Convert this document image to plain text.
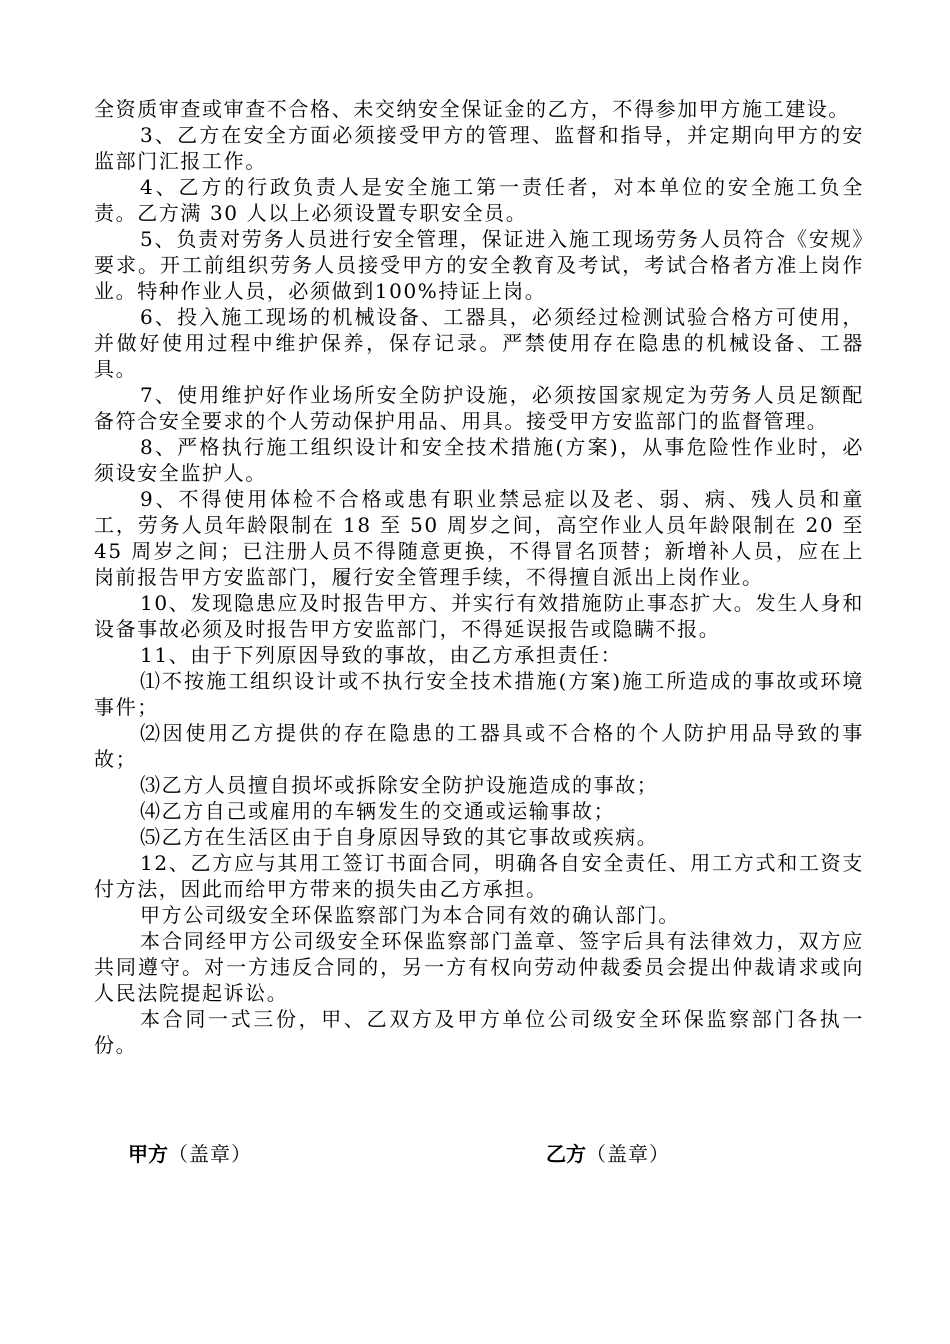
全资质审查或审查不合格、未交纳安全保证金的乙方，不得参加甲方施工建设。

3、乙方在安全方面必须接受甲方的管理、监督和指导，并定期向甲方的安监部门汇报工作。

4、乙方的行政负责人是安全施工第一责任者，对本单位的安全施工负全责。乙方满 30 人以上必须设置专职安全员。

5、负责对劳务人员进行安全管理，保证进入施工现场劳务人员符合《安规》要求。开工前组织劳务人员接受甲方的安全教育及考试，考试合格者方准上岗作业。特种作业人员，必须做到100%持证上岗。

6、投入施工现场的机械设备、工器具，必须经过检测试验合格方可使用，并做好使用过程中维护保养，保存记录。严禁使用存在隐患的机械设备、工器具。

7、使用维护好作业场所安全防护设施，必须按国家规定为劳务人员足额配备符合安全要求的个人劳动保护用品、用具。接受甲方安监部门的监督管理。

8、严格执行施工组织设计和安全技术措施(方案)，从事危险性作业时，必须设安全监护人。

9、不得使用体检不合格或患有职业禁忌症以及老、弱、病、残人员和童工，劳务人员年龄限制在 18 至 50 周岁之间，高空作业人员年龄限制在 20 至 45 周岁之间；已注册人员不得随意更换，不得冒名顶替；新增补人员，应在上岗前报告甲方安监部门，履行安全管理手续，不得擅自派出上岗作业。

10、发现隐患应及时报告甲方、并实行有效措施防止事态扩大。发生人身和设备事故必须及时报告甲方安监部门，不得延误报告或隐瞒不报。

11、由于下列原因导致的事故，由乙方承担责任：

⑴不按施工组织设计或不执行安全技术措施(方案)施工所造成的事故或环境事件；

⑵因使用乙方提供的存在隐患的工器具或不合格的个人防护用品导致的事故；

⑶乙方人员擅自损坏或拆除安全防护设施造成的事故；

⑷乙方自己或雇用的车辆发生的交通或运输事故；

⑸乙方在生活区由于自身原因导致的其它事故或疾病。

12、乙方应与其用工签订书面合同，明确各自安全责任、用工方式和工资支付方法，因此而给甲方带来的损失由乙方承担。

甲方公司级安全环保监察部门为本合同有效的确认部门。

本合同经甲方公司级安全环保监察部门盖章、签字后具有法律效力，双方应共同遵守。对一方违反合同的，另一方有权向劳动仲裁委员会提出仲裁请求或向人民法院提起诉讼。

本合同一式三份，甲、乙双方及甲方单位公司级安全环保监察部门各执一份。

甲方（盖章）	乙方（盖章）
